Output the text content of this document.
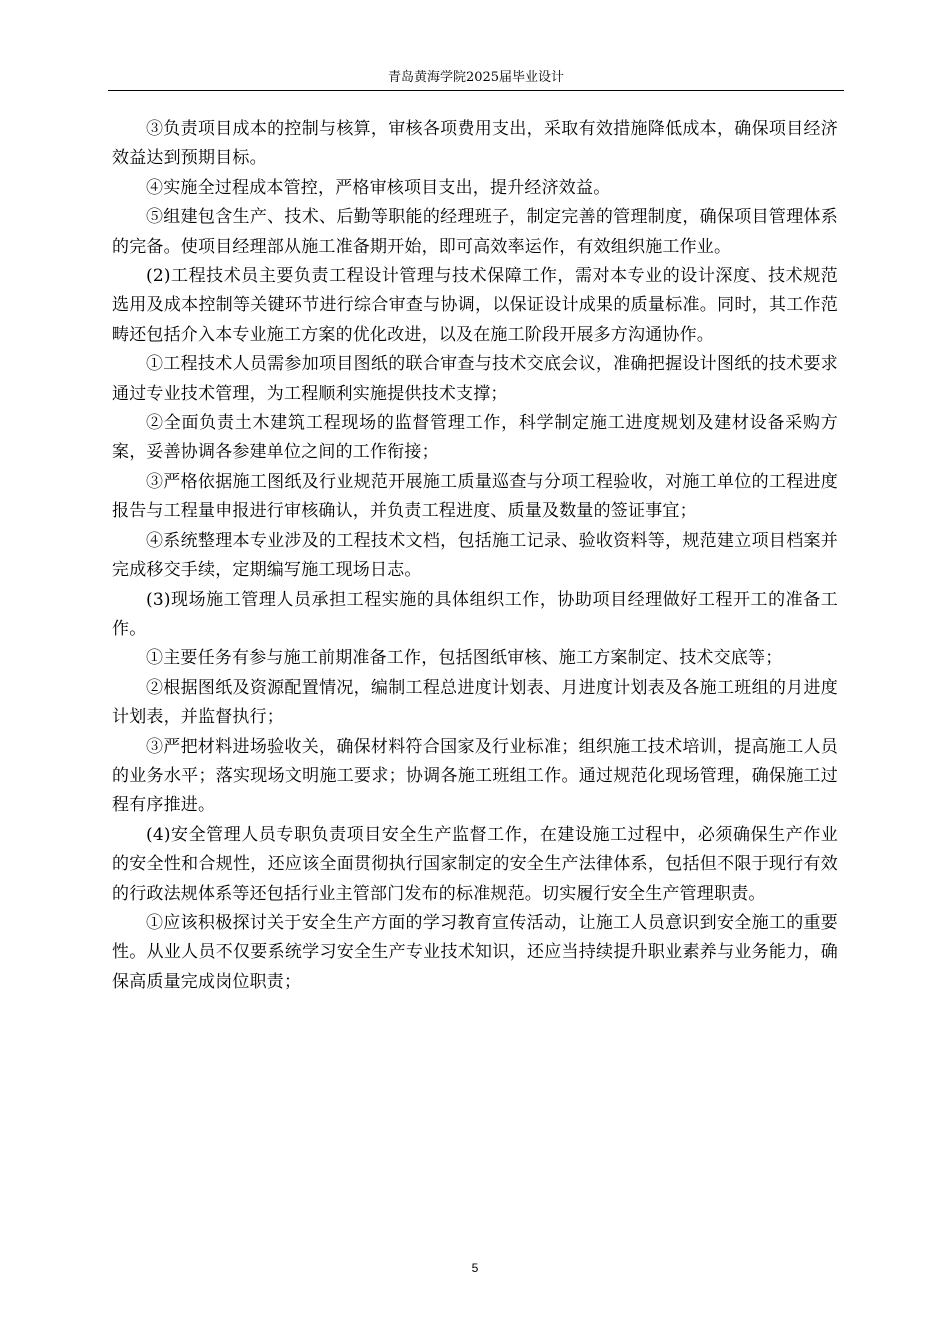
青岛黄海学院2025届毕业设计

③负责项目成本的控制与核算，审核各项费用支出，采取有效措施降低成本，确保项目经济效益达到预期目标。

④实施全过程成本管控，严格审核项目支出，提升经济效益。

⑤组建包含生产、技术、后勤等职能的经理班子，制定完善的管理制度，确保项目管理体系的完备。使项目经理部从施工准备期开始，即可高效率运作，有效组织施工作业。

(2)工程技术员主要负责工程设计管理与技术保障工作，需对本专业的设计深度、技术规范选用及成本控制等关键环节进行综合审查与协调，以保证设计成果的质量标准。同时，其工作范畴还包括介入本专业施工方案的优化改进，以及在施工阶段开展多方沟通协作。

①工程技术人员需参加项目图纸的联合审查与技术交底会议，准确把握设计图纸的技术要求通过专业技术管理，为工程顺利实施提供技术支撑；

②全面负责土木建筑工程现场的监督管理工作，科学制定施工进度规划及建材设备采购方案，妥善协调各参建单位之间的工作衔接；

③严格依据施工图纸及行业规范开展施工质量巡查与分项工程验收，对施工单位的工程进度报告与工程量申报进行审核确认，并负责工程进度、质量及数量的签证事宜；

④系统整理本专业涉及的工程技术文档，包括施工记录、验收资料等，规范建立项目档案并完成移交手续，定期编写施工现场日志。

(3)现场施工管理人员承担工程实施的具体组织工作，协助项目经理做好工程开工的准备工作。

①主要任务有参与施工前期准备工作，包括图纸审核、施工方案制定、技术交底等；

②根据图纸及资源配置情况，编制工程总进度计划表、月进度计划表及各施工班组的月进度计划表，并监督执行；

③严把材料进场验收关，确保材料符合国家及行业标准；组织施工技术培训，提高施工人员的业务水平；落实现场文明施工要求；协调各施工班组工作。通过规范化现场管理，确保施工过程有序推进。

(4)安全管理人员专职负责项目安全生产监督工作，在建设施工过程中，必须确保生产作业的安全性和合规性，还应该全面贯彻执行国家制定的安全生产法律体系，包括但不限于现行有效的行政法规体系等还包括行业主管部门发布的标准规范。切实履行安全生产管理职责。

①应该积极探讨关于安全生产方面的学习教育宣传活动，让施工人员意识到安全施工的重要性。从业人员不仅要系统学习安全生产专业技术知识，还应当持续提升职业素养与业务能力，确保高质量完成岗位职责；

5
